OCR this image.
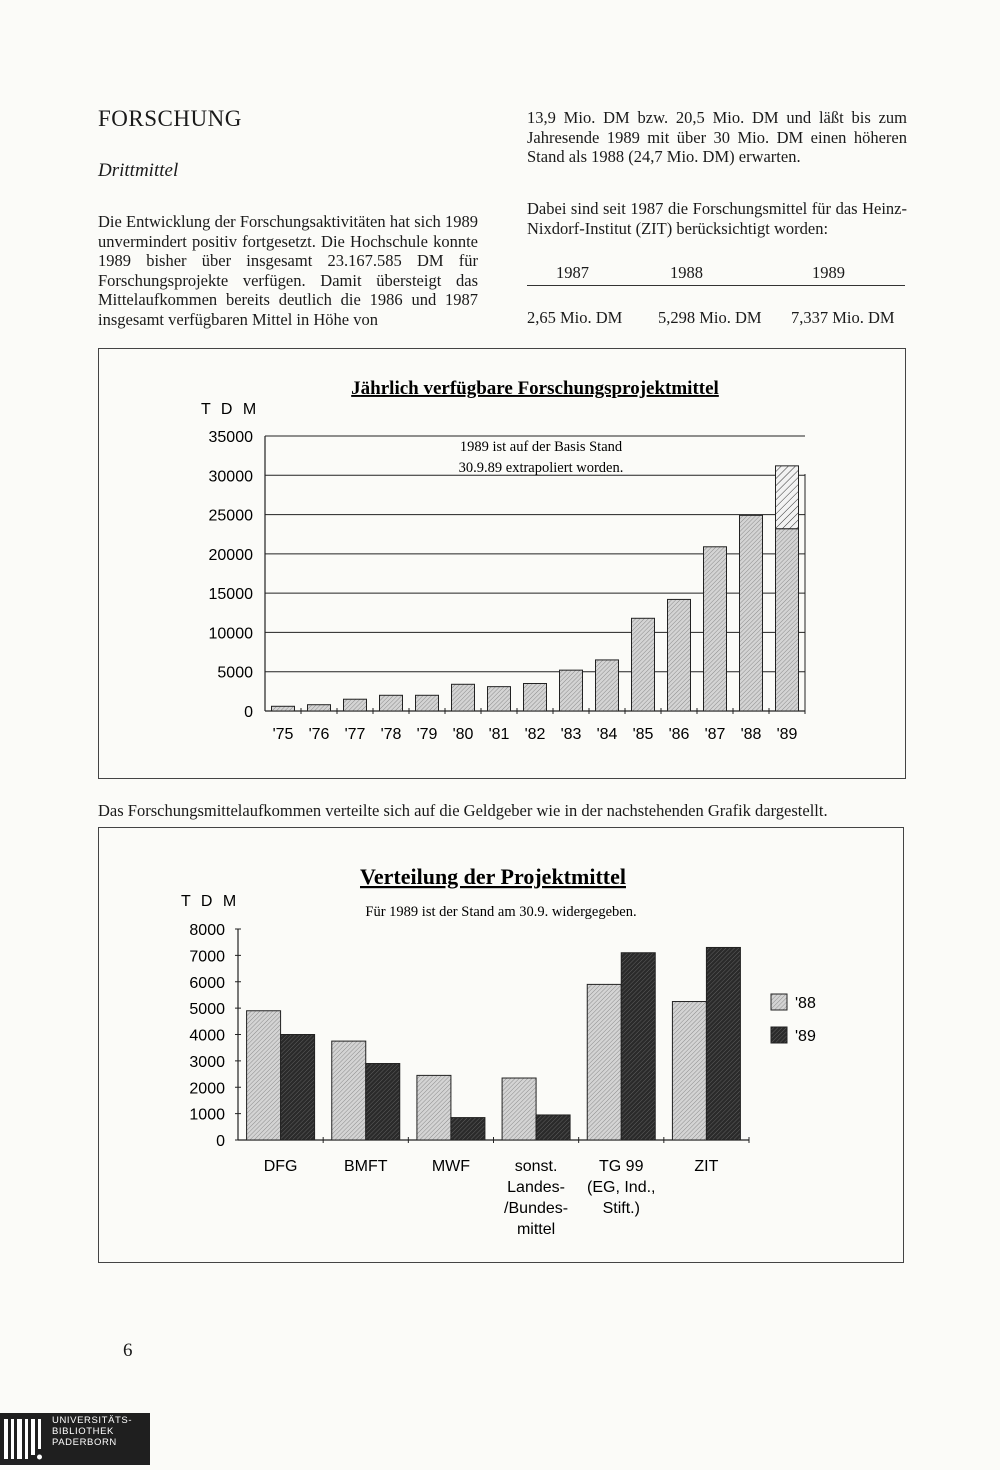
FORSCHUNG
Drittmittel
Die Entwicklung der Forschungsaktivitäten hat sich 1989 unvermindert positiv fortgesetzt. Die Hochschule konnte 1989 bisher über insgesamt 23.167.585 DM für Forschungsprojekte verfügen. Damit übersteigt das Mittelaufkommen bereits deutlich die 1986 und 1987 insgesamt verfügbaren Mittel in Höhe von
13,9 Mio. DM bzw. 20,5 Mio. DM und läßt bis zum Jahresende 1989 mit über 30 Mio. DM einen höheren Stand als 1988 (24,7 Mio. DM) erwarten.
Dabei sind seit 1987 die Forschungsmittel für das Heinz-Nixdorf-Institut (ZIT) berücksichtigt worden:
1987	1988	1989
2,65 Mio. DM 5,298 Mio. DM 7,337 Mio. DM
Jährlich verfügbare Forschungsprojektmittel
T D M
1989 ist auf der Basis Stand
30.9.89 extrapoliert worden.
0
5000
10000
15000
20000
25000
30000
35000
'75 '76 '77 '78 '79 '80 '81 '82 '83 '84 '85 '86 '87 '88 '89
Das Forschungsmittelaufkommen verteilte sich auf die Geldgeber wie in der nachstehenden Grafik dargestellt.
Verteilung der Projektmittel
Für 1989 ist der Stand am 30.9. widergegeben.
T D M
0
1000
2000
3000
4000
5000
6000
7000
8000
DFG	BMFT	MWF	sonst.
Landes-
/Bundes-
mittel
TG 99
(EG, Ind.,
Stift.)
ZIT
'88
'89
6
UNIVERSITÄTS-
BIBLIOTHEK
PADERBORN
